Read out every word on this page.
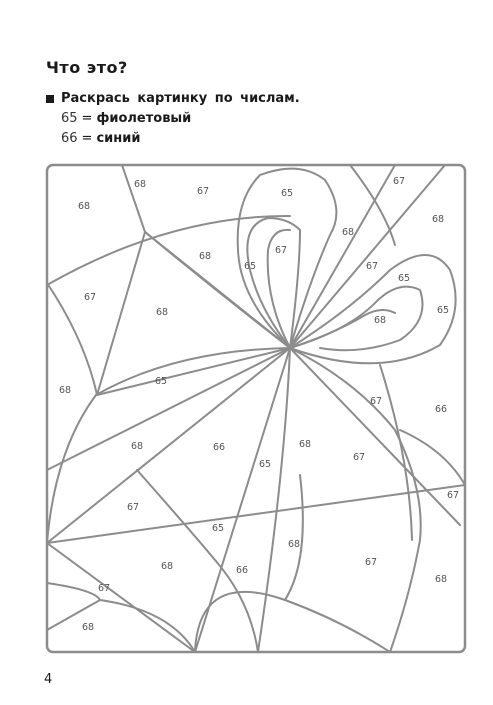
Что это?
Раскрась картинку по числам.
65 = фиолетовый
66 = синий
68
68
67	65
68
67
68
68
65
67
67
67
65
68
65
68
65
68
67
66
68	66
65
68
67
67
67
65
68
66
67
68
67
68
68
4
